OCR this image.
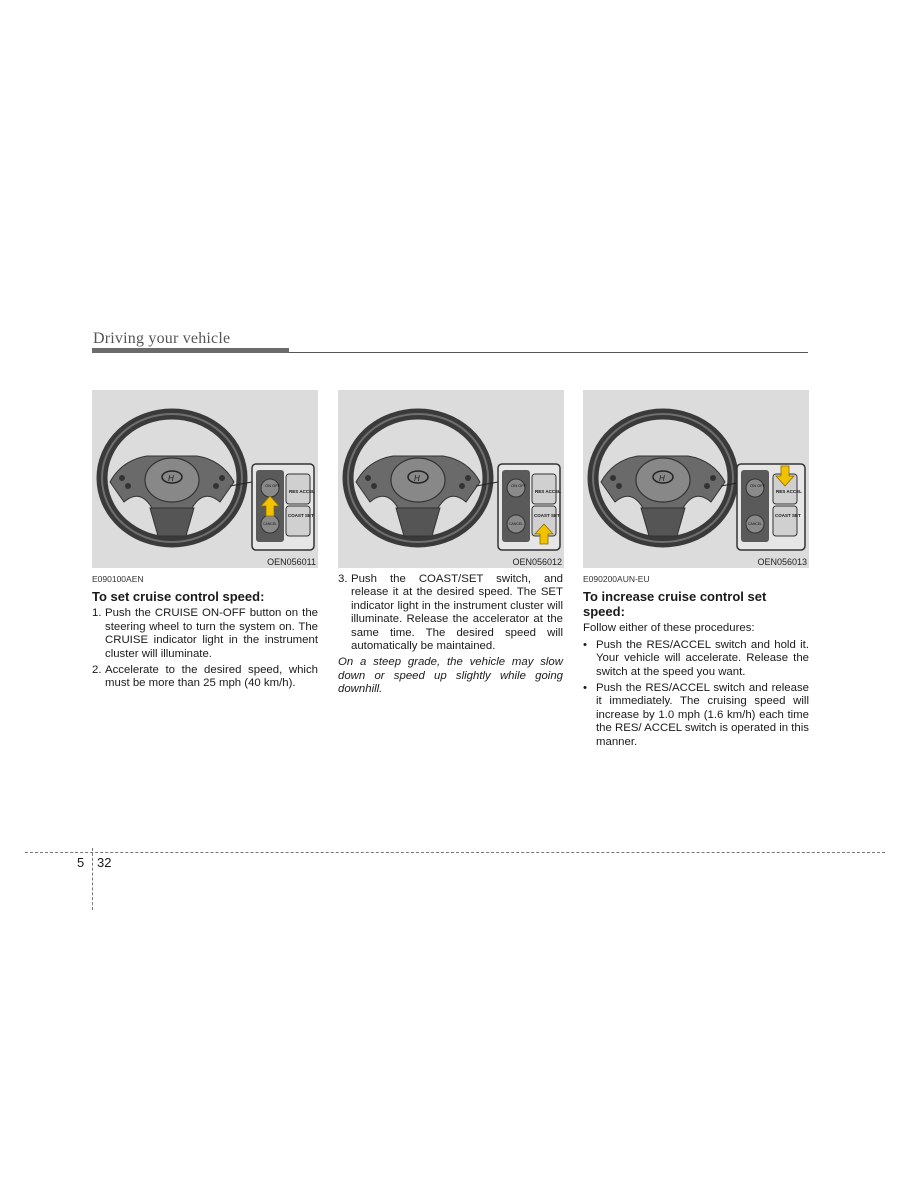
Driving your vehicle
H
ON OFF
CANCEL
RES ACCEL
COAST SET
OEN056011
H
ON OFF
CANCEL
RES ACCEL
COAST SET
OEN056012
H
ON OFF
CANCEL
RES ACCEL
COAST SET
OEN056013
E090100AEN
To set cruise control speed:
1. Push the CRUISE ON-OFF button on the steering wheel to turn the system on. The CRUISE indicator light in the instrument cluster will illuminate.
2. Accelerate to the desired speed, which must be more than 25 mph (40 km/h).
3. Push the COAST/SET switch, and release it at the desired speed. The SET indicator light in the instrument cluster will illuminate. Release the accelerator at the same time. The desired speed will automatically be maintained.

On a steep grade, the vehicle may slow down or speed up slightly while going downhill.

E090200AUN-EU
To increase cruise control set speed:

Follow either of these procedures:

• Push the RES/ACCEL switch and hold it. Your vehicle will accelerate. Release the switch at the speed you want.
• Push the RES/ACCEL switch and release it immediately. The cruising speed will increase by 1.0 mph (1.6 km/h) each time the RES/ ACCEL switch is operated in this manner.
5 32
